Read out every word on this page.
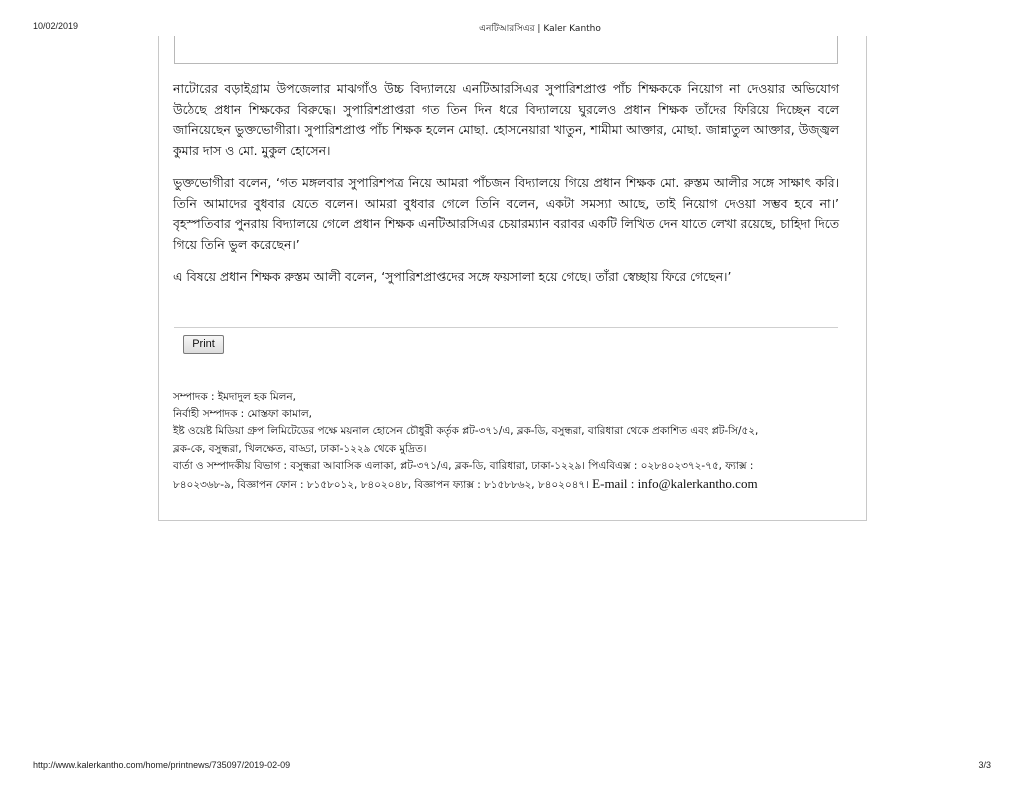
10/02/2019	এনটিআরসিএর | Kaler Kantho

নাটোরের বড়াইগ্রাম উপজেলার মাঝগাঁও উচ্চ বিদ্যালয়ে এনটিআরসিএর সুপারিশপ্রাপ্ত পাঁচ শিক্ষককে নিয়োগ না দেওয়ার অভিযোগ উঠেছে প্রধান শিক্ষকের বিরুদ্ধে। সুপারিশপ্রাপ্তরা গত তিন দিন ধরে বিদ্যালয়ে ঘুরলেও প্রধান শিক্ষক তাঁদের ফিরিয়ে দিচ্ছেন বলে জানিয়েছেন ভুক্তভোগীরা। সুপারিশপ্রাপ্ত পাঁচ শিক্ষক হলেন মোছা. হোসনেয়ারা খাতুন, শামীমা আক্তার, মোছা. জান্নাতুল আক্তার, উজ্জ্বল কুমার দাস ও মো. মুকুল হোসেন।

ভুক্তভোগীরা বলেন, ‘গত মঙ্গলবার সুপারিশপত্র নিয়ে আমরা পাঁচজন বিদ্যালয়ে গিয়ে প্রধান শিক্ষক মো. রুস্তম আলীর সঙ্গে সাক্ষাৎ করি। তিনি আমাদের বুধবার যেতে বলেন। আমরা বুধবার গেলে তিনি বলেন, একটা সমস্যা আছে, তাই নিয়োগ দেওয়া সম্ভব হবে না।’ বৃহস্পতিবার পুনরায় বিদ্যালয়ে গেলে প্রধান শিক্ষক এনটিআরসিএর চেয়ারম্যান বরাবর একটি লিখিত দেন যাতে লেখা রয়েছে, চাহিদা দিতে গিয়ে তিনি ভুল করেছেন।’

এ বিষয়ে প্রধান শিক্ষক রুস্তম আলী বলেন, ‘সুপারিশপ্রাপ্তদের সঙ্গে ফয়সালা হয়ে গেছে। তাঁরা স্বেচ্ছায় ফিরে গেছেন।’

Print
সম্পাদক : ইমদাদুল হক মিলন,
নির্বাহী সম্পাদক : মোস্তফা কামাল,
ইষ্ট ওয়েষ্ট মিডিয়া গ্রুপ লিমিটেডের পক্ষে ময়নাল হোসেন চৌধুরী কর্তৃক প্লট-৩৭১/এ, ব্লক-ডি, বসুন্ধরা, বারিধারা থেকে প্রকাশিত এবং প্লট-সি/৫২,
ব্লক-কে, বসুন্ধরা, খিলক্ষেত, বাড্ডা, ঢাকা-১২২৯ থেকে মুদ্রিত।
বার্তা ও সম্পাদকীয় বিভাগ : বসুন্ধরা আবাসিক এলাকা, প্লট-৩৭১/এ, ব্লক-ডি, বারিধারা, ঢাকা-১২২৯। পিএবিএক্স : ০২৮৪০২৩৭২-৭৫, ফ্যাক্স :
৮৪০২৩৬৮-৯, বিজ্ঞাপন ফোন : ৮১৫৮০১২, ৮৪০২০৪৮, বিজ্ঞাপন ফ্যাক্স : ৮১৫৮৮৬২, ৮৪০২০৪৭। E-mail : info@kalerkantho.com
http://www.kalerkantho.com/home/printnews/735097/2019-02-09	3/3
